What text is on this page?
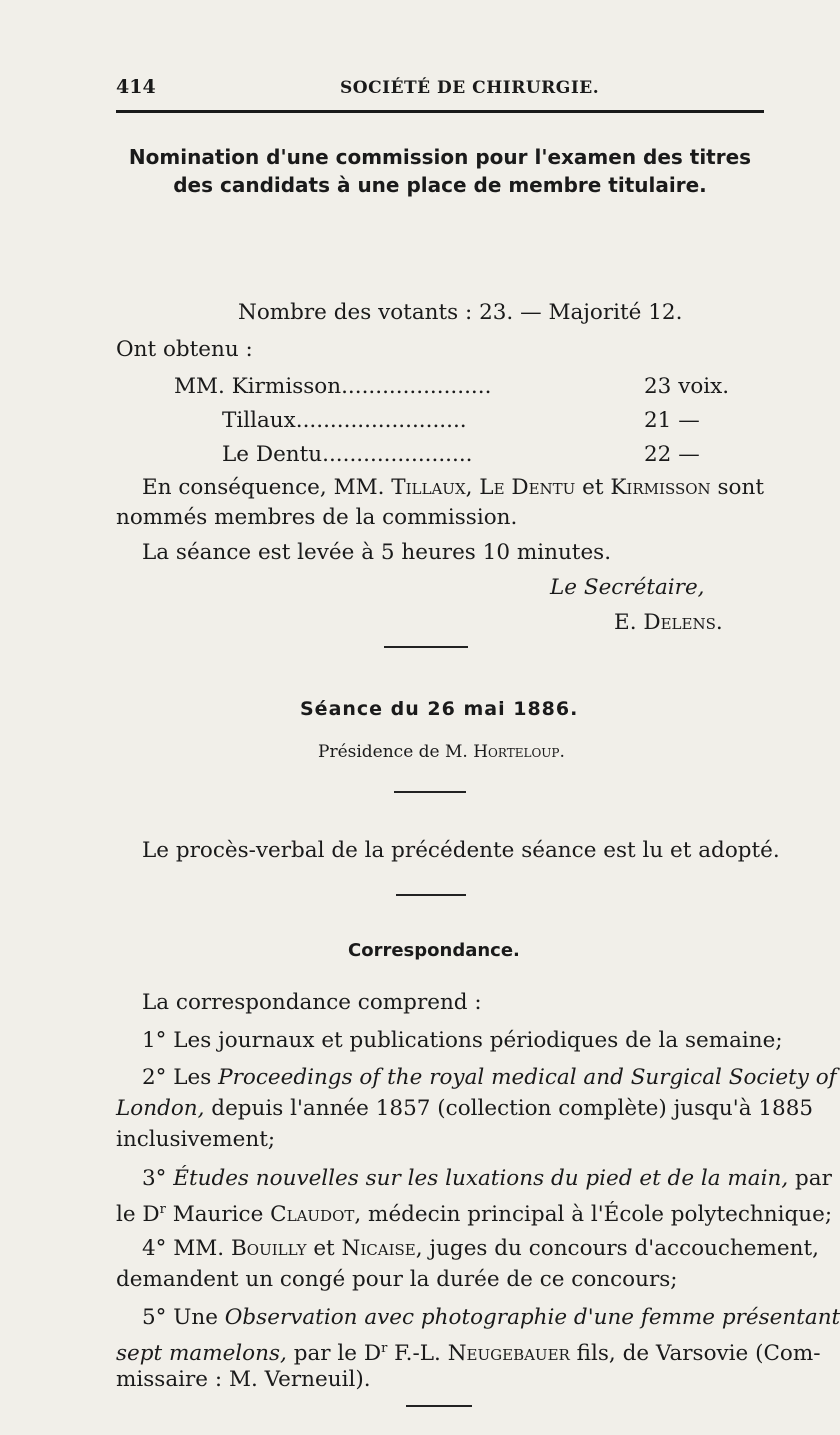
414	SOCIÉTÉ DE CHIRURGIE.
Nomination d'une commission pour l'examen des titres des candidats à une place de membre titulaire.
Nombre des votants : 23. — Majorité 12.
Ont obtenu :
MM. Kirmisson......................	23 voix.
Tillaux.........................	21 —
Le Dentu......................	22 —
En conséquence, MM. Tillaux, Le Dentu et Kirmisson sont
nommés membres de la commission.
La séance est levée à 5 heures 10 minutes.
Le Secrétaire,
E. Delens.
Séance du 26 mai 1886.
Présidence de M. Horteloup.
Le procès-verbal de la précédente séance est lu et adopté.
Correspondance.
La correspondance comprend :
1° Les journaux et publications périodiques de la semaine;
2° Les Proceedings of the royal medical and Surgical Society of
London, depuis l'année 1857 (collection complète) jusqu'à 1885
inclusivement;
3° Études nouvelles sur les luxations du pied et de la main, par
le $D^r$ Maurice Claudot, médecin principal à l'École polytechnique;
4° MM. Bouilly et Nicaise, juges du concours d'accouchement,
demandent un congé pour la durée de ce concours;
5° Une Observation avec photographie d'une femme présentant
sept mamelons, par le $D^r$ F.-L. Neugebauer fils, de Varsovie (Com-
missaire : M. Verneuil).
